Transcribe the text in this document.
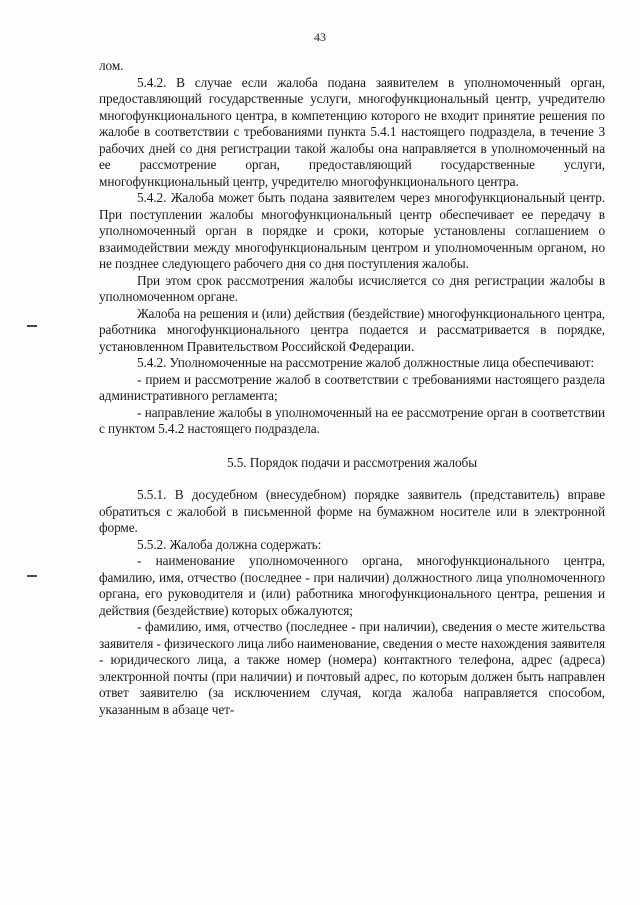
43

лом.

5.4.2. В случае если жалоба подана заявителем в уполномоченный орган, предоставляющий государственные услуги, многофункциональный центр, учредителю многофункционального центра, в компетенцию которого не входит принятие решения по жалобе в соответствии с требованиями пункта 5.4.1 настоящего подраздела, в течение 3 рабочих дней со дня регистрации такой жалобы она направляется в уполномоченный на ее рассмотрение орган, предоставляющий государственные услуги, многофункциональный центр, учредителю многофункционального центра.

5.4.2. Жалоба может быть подана заявителем через многофункциональный центр. При поступлении жалобы многофункциональный центр обеспечивает ее передачу в уполномоченный орган в порядке и сроки, которые установлены соглашением о взаимодействии между многофункциональным центром и уполномоченным органом, но не позднее следующего рабочего дня со дня поступления жалобы.

При этом срок рассмотрения жалобы исчисляется со дня регистрации жалобы в уполномоченном органе.

Жалоба на решения и (или) действия (бездействие) многофункционального центра, работника многофункционального центра подается и рассматривается в порядке, установленном Правительством Российской Федерации.

5.4.2. Уполномоченные на рассмотрение жалоб должностные лица обеспечивают:

- прием и рассмотрение жалоб в соответствии с требованиями настоящего раздела административного регламента;

- направление жалобы в уполномоченный на ее рассмотрение орган в соответствии с пунктом 5.4.2 настоящего подраздела.

5.5. Порядок подачи и рассмотрения жалобы

5.5.1. В досудебном (внесудебном) порядке заявитель (представитель) вправе обратиться с жалобой в письменной форме на бумажном носителе или в электронной форме.

5.5.2. Жалоба должна содержать:

- наименование уполномоченного органа, многофункционального центра, фамилию, имя, отчество (последнее - при наличии) должностного лица уполномоченного органа, его руководителя и (или) работника многофункционального центра, решения и действия (бездействие) которых обжалуются;

- фамилию, имя, отчество (последнее - при наличии), сведения о месте жительства заявителя - физического лица либо наименование, сведения о месте нахождения заявителя - юридического лица, а также номер (номера) контактного телефона, адрес (адреса) электронной почты (при наличии) и почтовый адрес, по которым должен быть направлен ответ заявителю (за исключением случая, когда жалоба направляется способом, указанным в абзаце чет-
